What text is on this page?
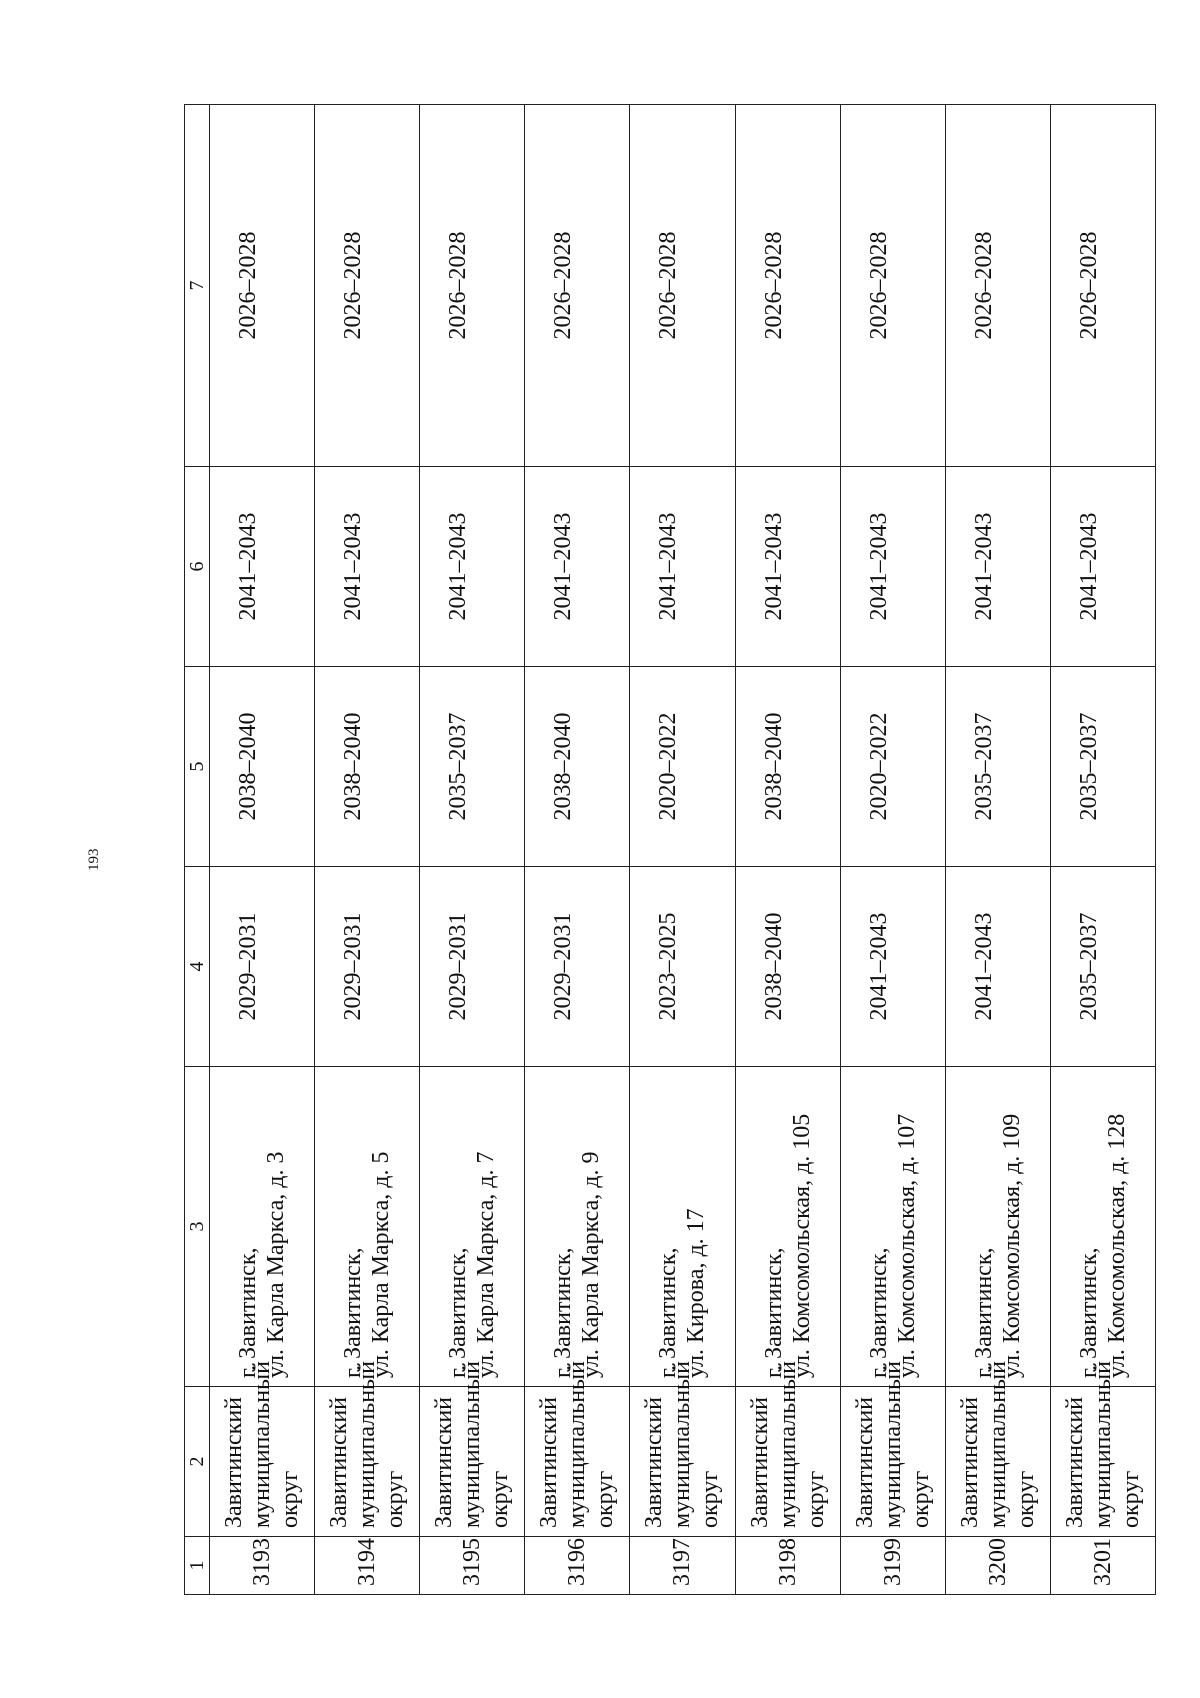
193
1	2	3	4	5	6	7
3193	Завитинский муниципальный округ	г. Завитинск, ул. Карла Маркса, д. 3	2029–2031	2038–2040	2041–2043	2026–2028
3194	Завитинский муниципальный округ	г. Завитинск, ул. Карла Маркса, д. 5	2029–2031	2038–2040	2041–2043	2026–2028
3195	Завитинский муниципальный округ	г. Завитинск, ул. Карла Маркса, д. 7	2029–2031	2035–2037	2041–2043	2026–2028
3196	Завитинский муниципальный округ	г. Завитинск, ул. Карла Маркса, д. 9	2029–2031	2038–2040	2041–2043	2026–2028
3197	Завитинский муниципальный округ	г. Завитинск, ул. Кирова, д. 17	2023–2025	2020–2022	2041–2043	2026–2028
3198	Завитинский муниципальный округ	г. Завитинск, ул. Комсомольская, д. 105	2038–2040	2038–2040	2041–2043	2026–2028
3199	Завитинский муниципальный округ	г. Завитинск, ул. Комсомольская, д. 107	2041–2043	2020–2022	2041–2043	2026–2028
3200	Завитинский муниципальный округ	г. Завитинск, ул. Комсомольская, д. 109	2041–2043	2035–2037	2041–2043	2026–2028
3201	Завитинский муниципальный округ	г. Завитинск, ул. Комсомольская, д. 128	2035–2037	2035–2037	2041–2043	2026–2028
